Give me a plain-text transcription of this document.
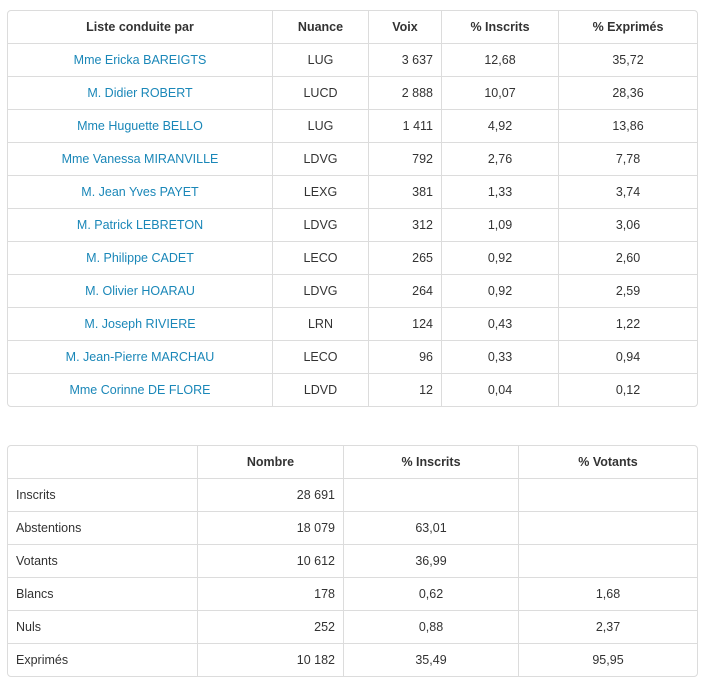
Liste conduite par	Nuance	Voix	% Inscrits	% Exprimés
Mme Ericka BAREIGTS	LUG	3 637	12,68	35,72
M. Didier ROBERT	LUCD	2 888	10,07	28,36
Mme Huguette BELLO	LUG	1 411	4,92	13,86
Mme Vanessa MIRANVILLE	LDVG	792	2,76	7,78
M. Jean Yves PAYET	LEXG	381	1,33	3,74
M. Patrick LEBRETON	LDVG	312	1,09	3,06
M. Philippe CADET	LECO	265	0,92	2,60
M. Olivier HOARAU	LDVG	264	0,92	2,59
M. Joseph RIVIERE	LRN	124	0,43	1,22
M. Jean-Pierre MARCHAU	LECO	96	0,33	0,94
Mme Corinne DE FLORE	LDVD	12	0,04	0,12
	Nombre	% Inscrits	% Votants
Inscrits	28 691		
Abstentions	18 079	63,01	
Votants	10 612	36,99	
Blancs	178	0,62	1,68
Nuls	252	0,88	2,37
Exprimés	10 182	35,49	95,95
